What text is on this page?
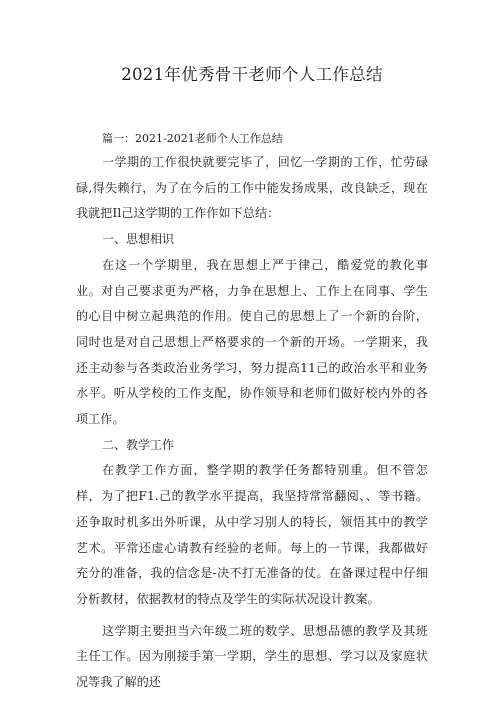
2021年优秀骨干老师个人工作总结

篇一：2021-2021老师个人工作总结

一学期的工作很快就要完毕了，回忆一学期的工作，忙劳碌碌,得失赖行，为了在今后的工作中能发扬成果，改良缺乏，现在我就把Il己这学期的工作作如下总结：

一、思想相识

在这一个学期里，我在思想上严于律己，酷爱党的教化事业。对自己要求更为严格，力争在思想上、工作上在同事、学生的心目中树立起典范的作用。使自己的思想上了一个新的台阶，同时也是对自己思想上严格要求的一个新的开场。一学期来，我还主动参与各类政治业务学习，努力提高11己的政治水平和业务水平。听从学校的工作支配，协作领导和老师们做好校内外的各项工作。

二、教学工作

在教学工作方面，整学期的教学任务都特别重。但不管怎样，为了把F1.己的教学水平提高，我坚持常常翻阅、、等书籍。还争取时机多出外听课，从中学习别人的特长，领悟其中的教学艺术。平常还虚心请教有经验的老师。每上的一节课，我都做好充分的准备，我的信念是-决不打无准备的仗。在备课过程中仔细分析教材，依据教材的特点及学生的实际状况设计教案。

这学期主要担当六年级二班的数学、思想品德的教学及其班主任工作。因为刚接手第一学期，学生的思想、学习以及家庭状况等我了解的还
